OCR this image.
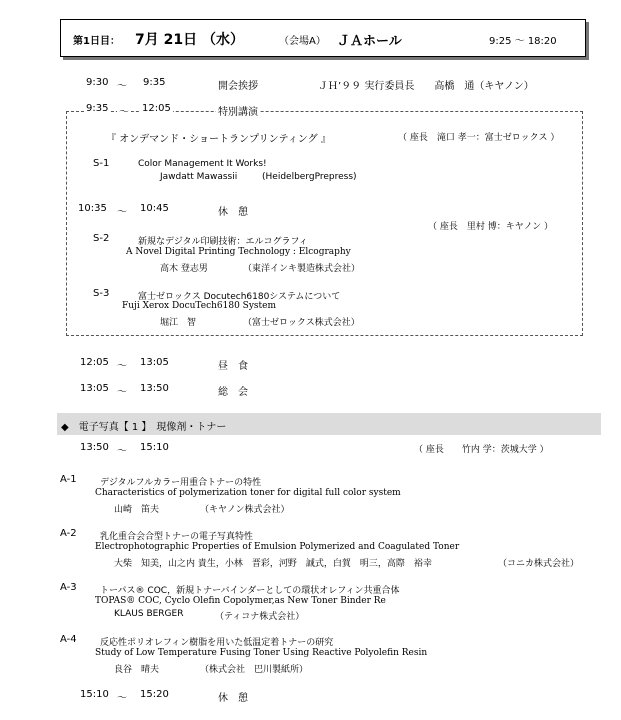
第1日目： 7月 21日 （水）	（会場A） ＪＡホール	9:25 〜 18:20
9:30 〜 9:35	開会挨拶	ＪＨ’９９ 実行委員長　　高橋　通（キヤノン）
9:35 〜 12:05	特別講演
『 オンデマンド・ショートランプリンティング 』	（ 座長　滝口 孝一：富士ゼロックス ）
S-1	Color Management It Works!
Jawdatt Mawassii	(HeidelbergPrepress)
10:35 〜 10:45	休　憩
（ 座長　里村 博：キヤノン ）
S-2	新規なデジタル印刷技術：エルコグラフィ
A Novel Digital Printing Technology : Elcography
高木 登志男	（東洋インキ製造株式会社）
S-3	富士ゼロックス Docutech6180システムについて
Fuji Xerox DocuTech6180 System
堀江　智	（富士ゼロックス株式会社）
12:05 〜 13:05	昼　食
13:05 〜 13:50	総　会
◆　電子写真【 1 】　現像剤・トナー
13:50 〜 15:10	（ 座長　　竹内 学：茨城大学 ）
A-1	デジタルフルカラー用重合トナーの特性
Characteristics of polymerization toner for digital full color system
山崎　笛夫	（キヤノン株式会社）
A-2	乳化重合会合型トナーの電子写真特性
Electrophotographic Properties of Emulsion Polymerized and Coagulated Toner
大柴　知美，山之内 貴生，小林　晋彩，河野　誠式，白賀　明三，高際　裕幸	（コニカ株式会社）
A-3	トーパス® COC，新規トナーバインダーとしての環状オレフィン共重合体
TOPAS® COC, Cyclo Olefin Copolymer,as New Toner Binder Re
KLAUS BERGER	（ティコナ株式会社）
A-4	反応性ポリオレフィン樹脂を用いた低温定着トナーの研究
Study of Low Temperature Fusing Toner Using Reactive Polyolefin Resin
良谷　晴夫	（株式会社　巴川製紙所）
15:10 〜 15:20	休　憩
